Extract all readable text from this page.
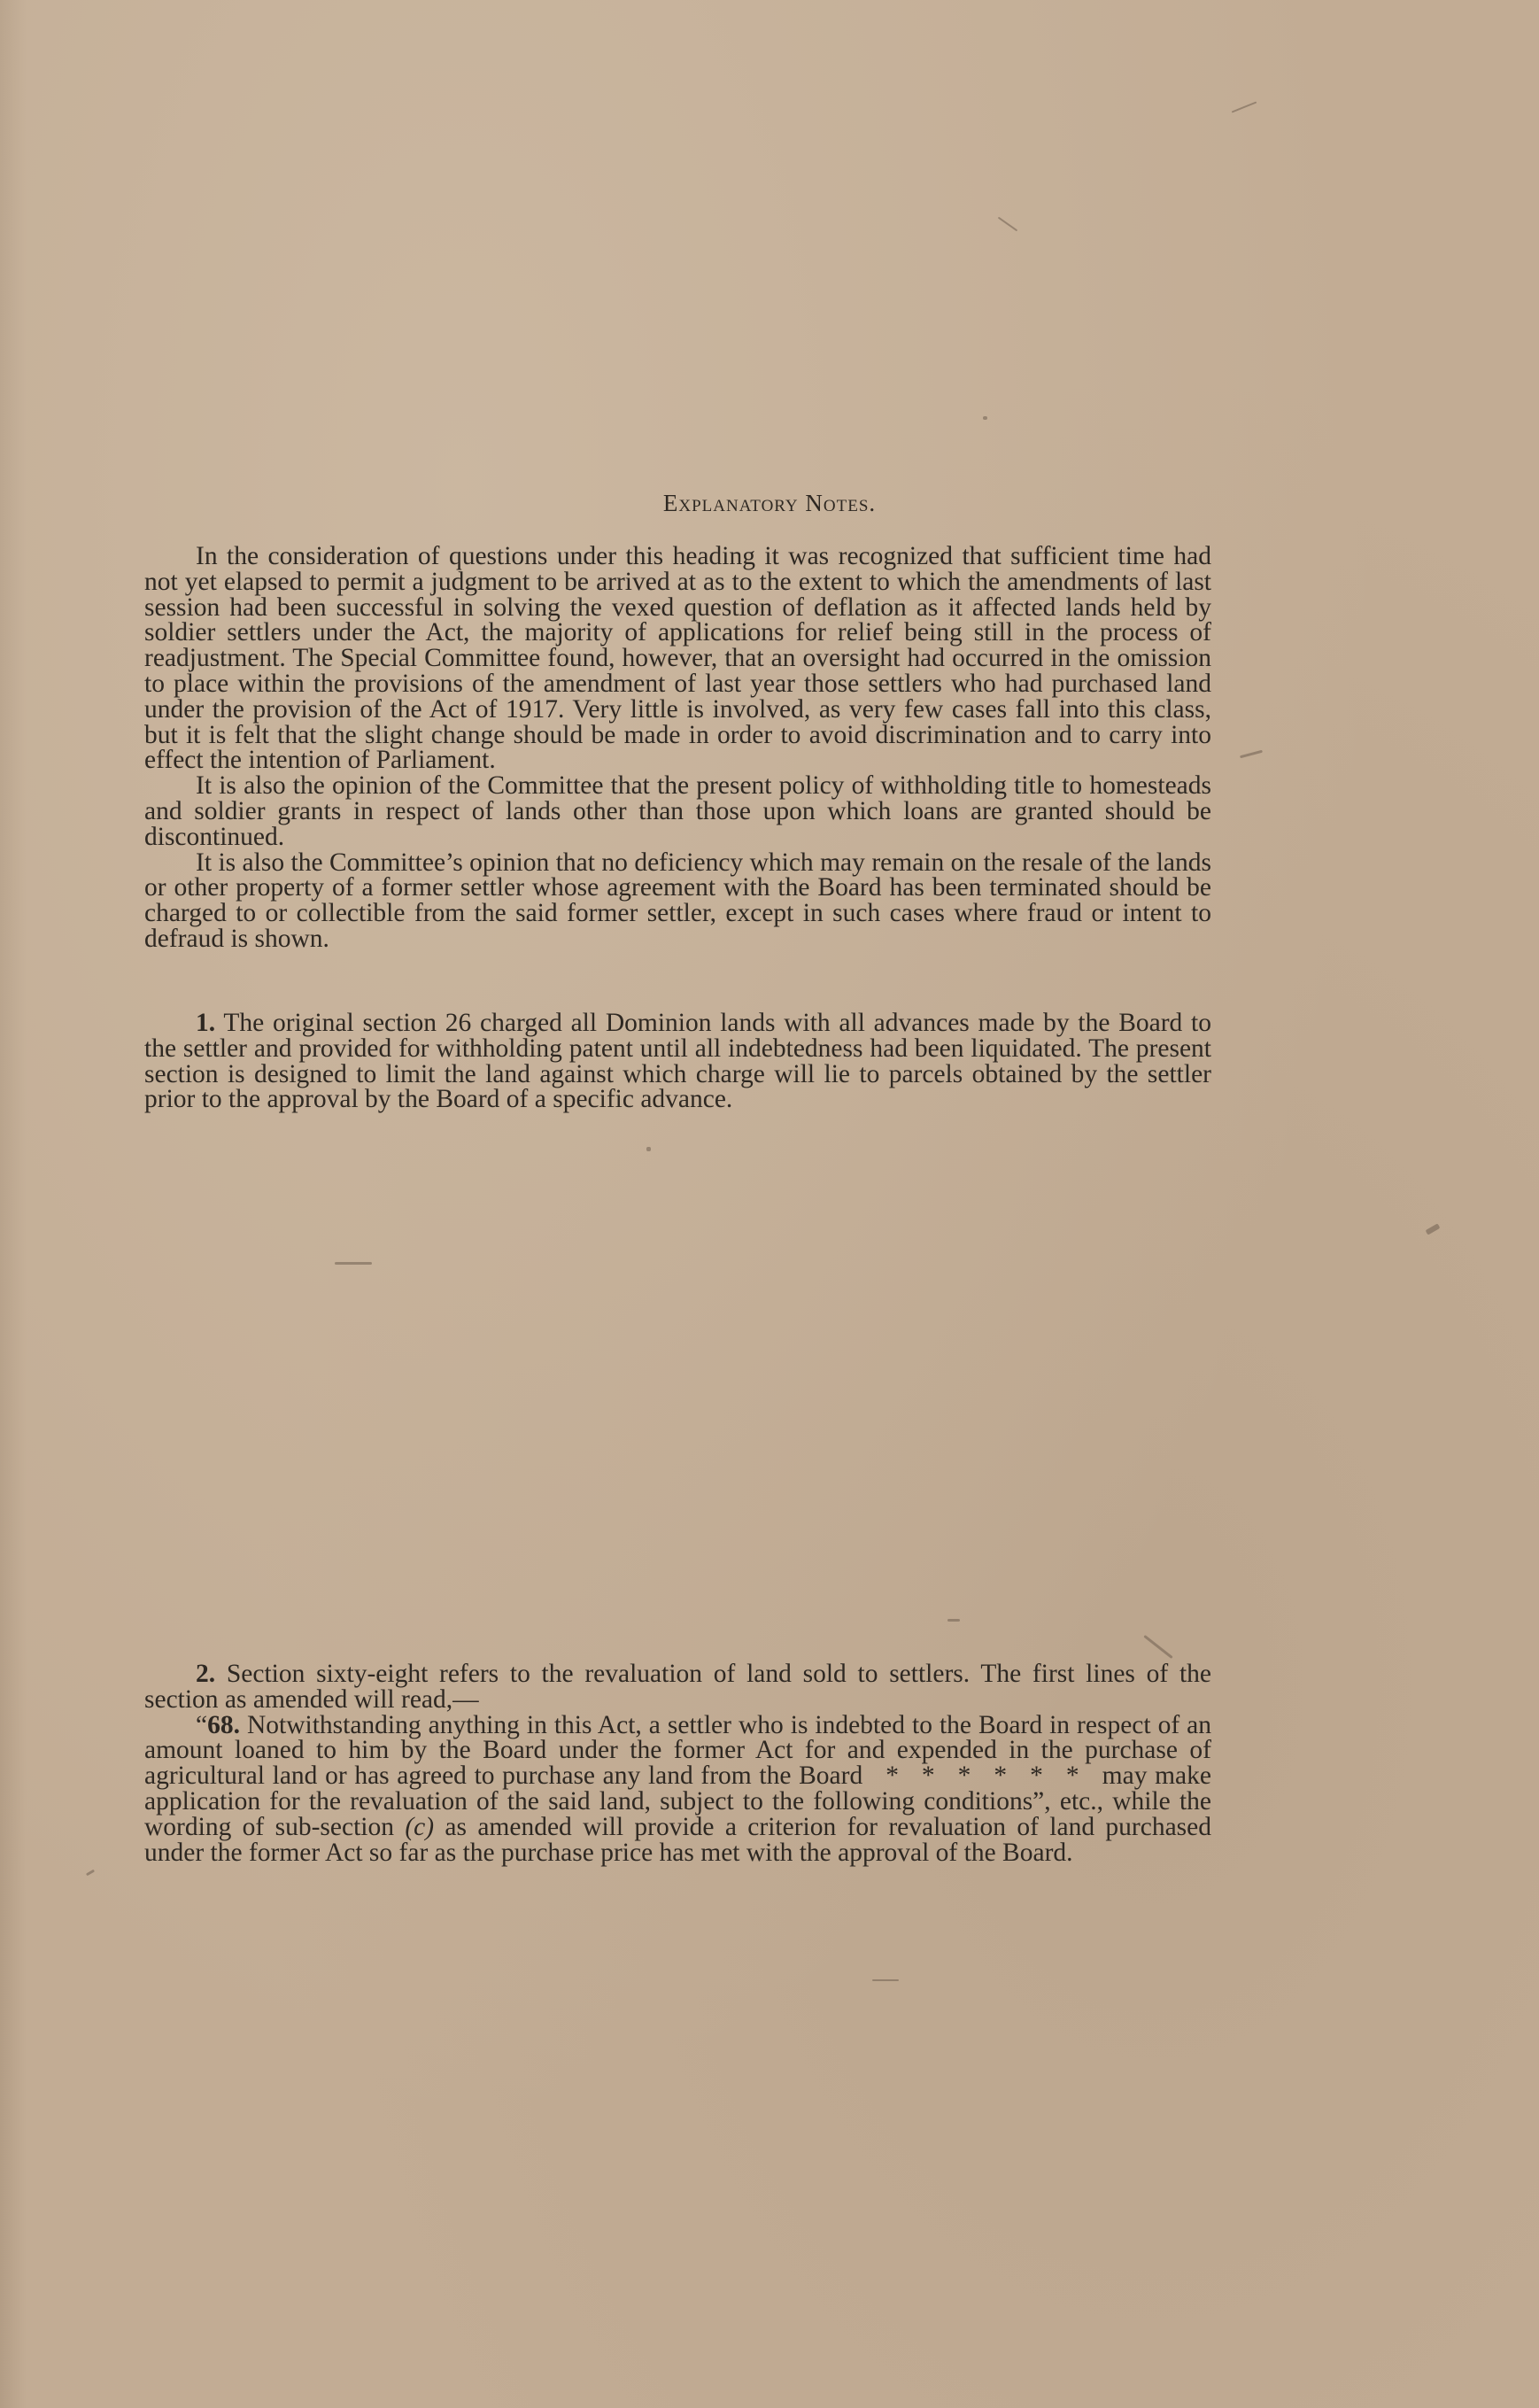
Explanatory Notes.

In the consideration of questions under this heading it was recognized that sufficient time had not yet elapsed to permit a judgment to be arrived at as to the extent to which the amendments of last session had been successful in solving the vexed question of deflation as it affected lands held by soldier settlers under the Act, the majority of applications for relief being still in the process of readjustment. The Special Committee found, however, that an oversight had occurred in the omission to place within the provisions of the amendment of last year those settlers who had purchased land under the provision of the Act of 1917. Very little is involved, as very few cases fall into this class, but it is felt that the slight change should be made in order to avoid discrimination and to carry into effect the intention of Parliament.

It is also the opinion of the Committee that the present policy of withholding title to homesteads and soldier grants in respect of lands other than those upon which loans are granted should be discontinued.

It is also the Committee’s opinion that no deficiency which may remain on the resale of the lands or other property of a former settler whose agreement with the Board has been terminated should be charged to or collectible from the said former settler, except in such cases where fraud or intent to defraud is shown.

1. The original section 26 charged all Dominion lands with all advances made by the Board to the settler and provided for withholding patent until all indebtedness had been liquidated. The present section is designed to limit the land against which charge will lie to parcels obtained by the settler prior to the approval by the Board of a specific advance.

2. Section sixty-eight refers to the revaluation of land sold to settlers. The first lines of the section as amended will read,—

“68. Notwithstanding anything in this Act, a settler who is indebted to the Board in respect of an amount loaned to him by the Board under the former Act for and expended in the purchase of agricultural land or has agreed to purchase any land from the Board   *   *   *   *   *   *   may make application for the revaluation of the said land, subject to the following conditions”, etc., while the wording of sub-section (c) as amended will provide a criterion for revaluation of land purchased under the former Act so far as the purchase price has met with the approval of the Board.
